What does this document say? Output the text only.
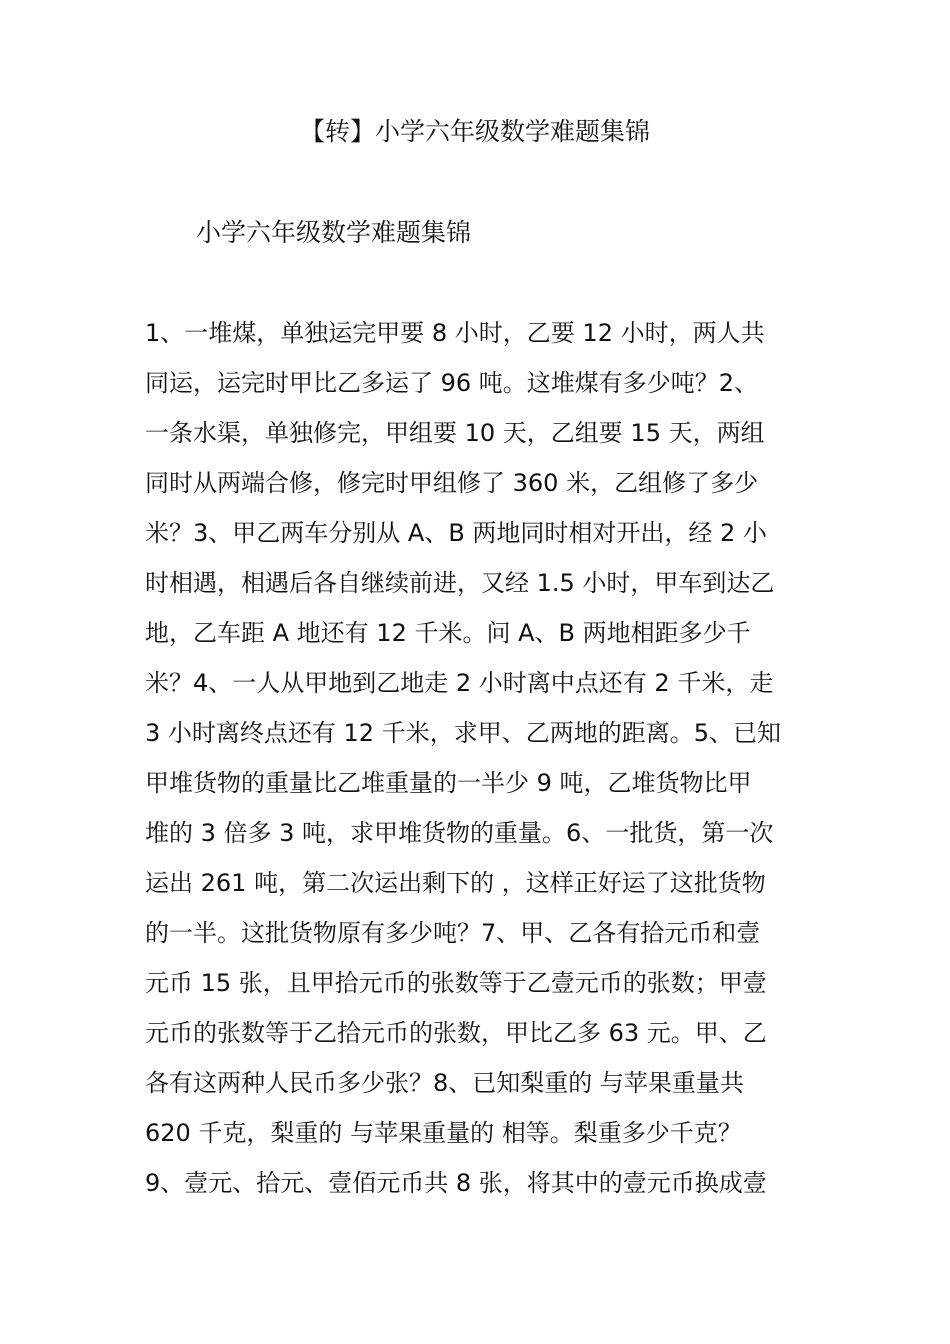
【转】小学六年级数学难题集锦
小学六年级数学难题集锦
1、一堆煤，单独运完甲要 8 小时，乙要 12 小时，两人共
同运，运完时甲比乙多运了 96 吨。这堆煤有多少吨？2、
一条水渠，单独修完，甲组要 10 天，乙组要 15 天，两组
同时从两端合修，修完时甲组修了 360 米，乙组修了多少
米？3、甲乙两车分别从 A、B 两地同时相对开出，经 2 小
时相遇，相遇后各自继续前进，又经 1.5 小时，甲车到达乙
地，乙车距 A 地还有 12 千米。问 A、B 两地相距多少千
米？4、一人从甲地到乙地走 2 小时离中点还有 2 千米，走
3 小时离终点还有 12 千米，求甲、乙两地的距离。5、已知
甲堆货物的重量比乙堆重量的一半少 9 吨，乙堆货物比甲
堆的 3 倍多 3 吨，求甲堆货物的重量。6、一批货，第一次
运出 261 吨，第二次运出剩下的 ，这样正好运了这批货物
的一半。这批货物原有多少吨？7、甲、乙各有拾元币和壹
元币 15 张，且甲拾元币的张数等于乙壹元币的张数；甲壹
元币的张数等于乙拾元币的张数，甲比乙多 63 元。甲、乙
各有这两种人民币多少张？8、已知梨重的 与苹果重量共
620 千克，梨重的 与苹果重量的 相等。梨重多少千克？
9、壹元、拾元、壹佰元币共 8 张，将其中的壹元币换成壹
